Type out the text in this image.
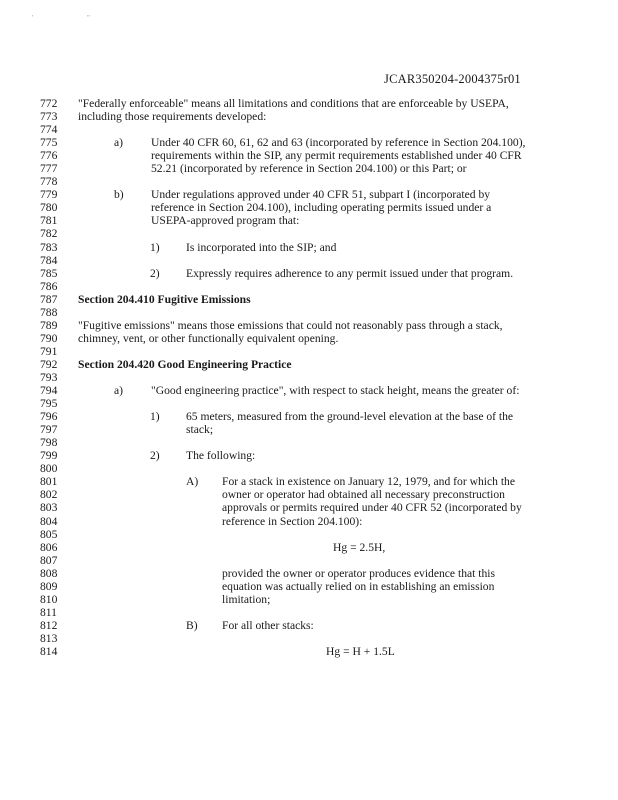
' "
JCAR350204-2004375r01
772	"Federally enforceable" means all limitations and conditions that are enforceable by USEPA,
773	including those requirements developed:
774
775	a) Under 40 CFR 60, 61, 62 and 63 (incorporated by reference in Section 204.100),
776	requirements within the SIP, any permit requirements established under 40 CFR
777	52.21 (incorporated by reference in Section 204.100) or this Part; or
778
779	b) Under regulations approved under 40 CFR 51, subpart I (incorporated by
780	reference in Section 204.100), including operating permits issued under a
781	USEPA-approved program that:
782
783	1) Is incorporated into the SIP; and
784
785	2) Expressly requires adherence to any permit issued under that program.
786
787	Section 204.410 Fugitive Emissions
788
789	"Fugitive emissions" means those emissions that could not reasonably pass through a stack,
790	chimney, vent, or other functionally equivalent opening.
791
792	Section 204.420 Good Engineering Practice
793
794	a) "Good engineering practice", with respect to stack height, means the greater of:
795
796	1) 65 meters, measured from the ground-level elevation at the base of the
797	stack;
798
799	2) The following:
800
801	A) For a stack in existence on January 12, 1979, and for which the
802	owner or operator had obtained all necessary preconstruction
803	approvals or permits required under 40 CFR 52 (incorporated by
804	reference in Section 204.100):
805
806	Hg = 2.5H,
807
808	provided the owner or operator produces evidence that this
809	equation was actually relied on in establishing an emission
810	limitation;
811
812	B) For all other stacks:
813
814	Hg = H + 1.5L
